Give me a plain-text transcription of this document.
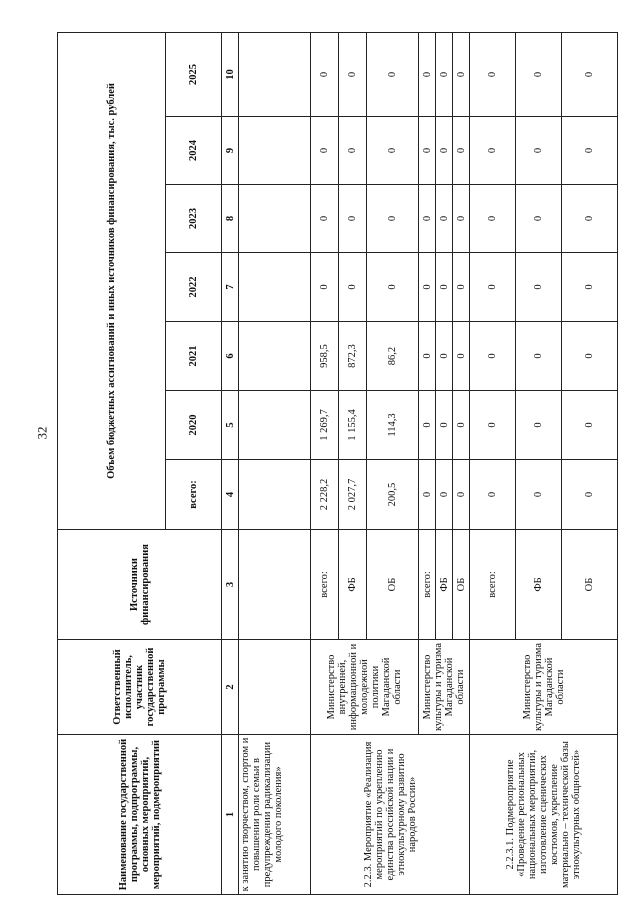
32
Наименование государственной программы, подпрограммы, основных мероприятий, мероприятий, подмероприятий	Ответственный исполнитель, участник государственной программы	Источники финансирования	Объем бюджетных ассигнований и иных источников финансирования, тыс. рублей						
			всего:	2020	2021	2022	2023	2024	2025
1	2	3	4	5	6	7	8	9	10
к занятию творчеством, спортом и повышении роли семьи в предупреждении радикализации молодого поколения»									
2.2.3. Мероприятие «Реализация мероприятий по укреплению единства российской нации и этнокультурному развитию народов России»	Министерство внутренней, информационной и молодежной политики Магаданской области	всего:	2 228,2	1 269,7	958,5	0	0	0	0
		ФБ	2 027,7	1 155,4	872,3	0	0	0	0
		ОБ	200,5	114,3	86,2	0	0	0	0
	Министерство культуры и туризма Магаданской области	всего:	0	0	0	0	0	0	0
		ФБ	0	0	0	0	0	0	0
		ОБ	0	0	0	0	0	0	0
2.2.3.1. Подмероприятие «Проведение региональных национальных мероприятий, изготовление сценических костюмов, укрепление материально – технической базы этнокультурных общностей»	Министерство культуры и туризма Магаданской области	всего:	0	0	0	0	0	0	0
		ФБ	0	0	0	0	0	0	0
		ОБ	0	0	0	0	0	0	0
